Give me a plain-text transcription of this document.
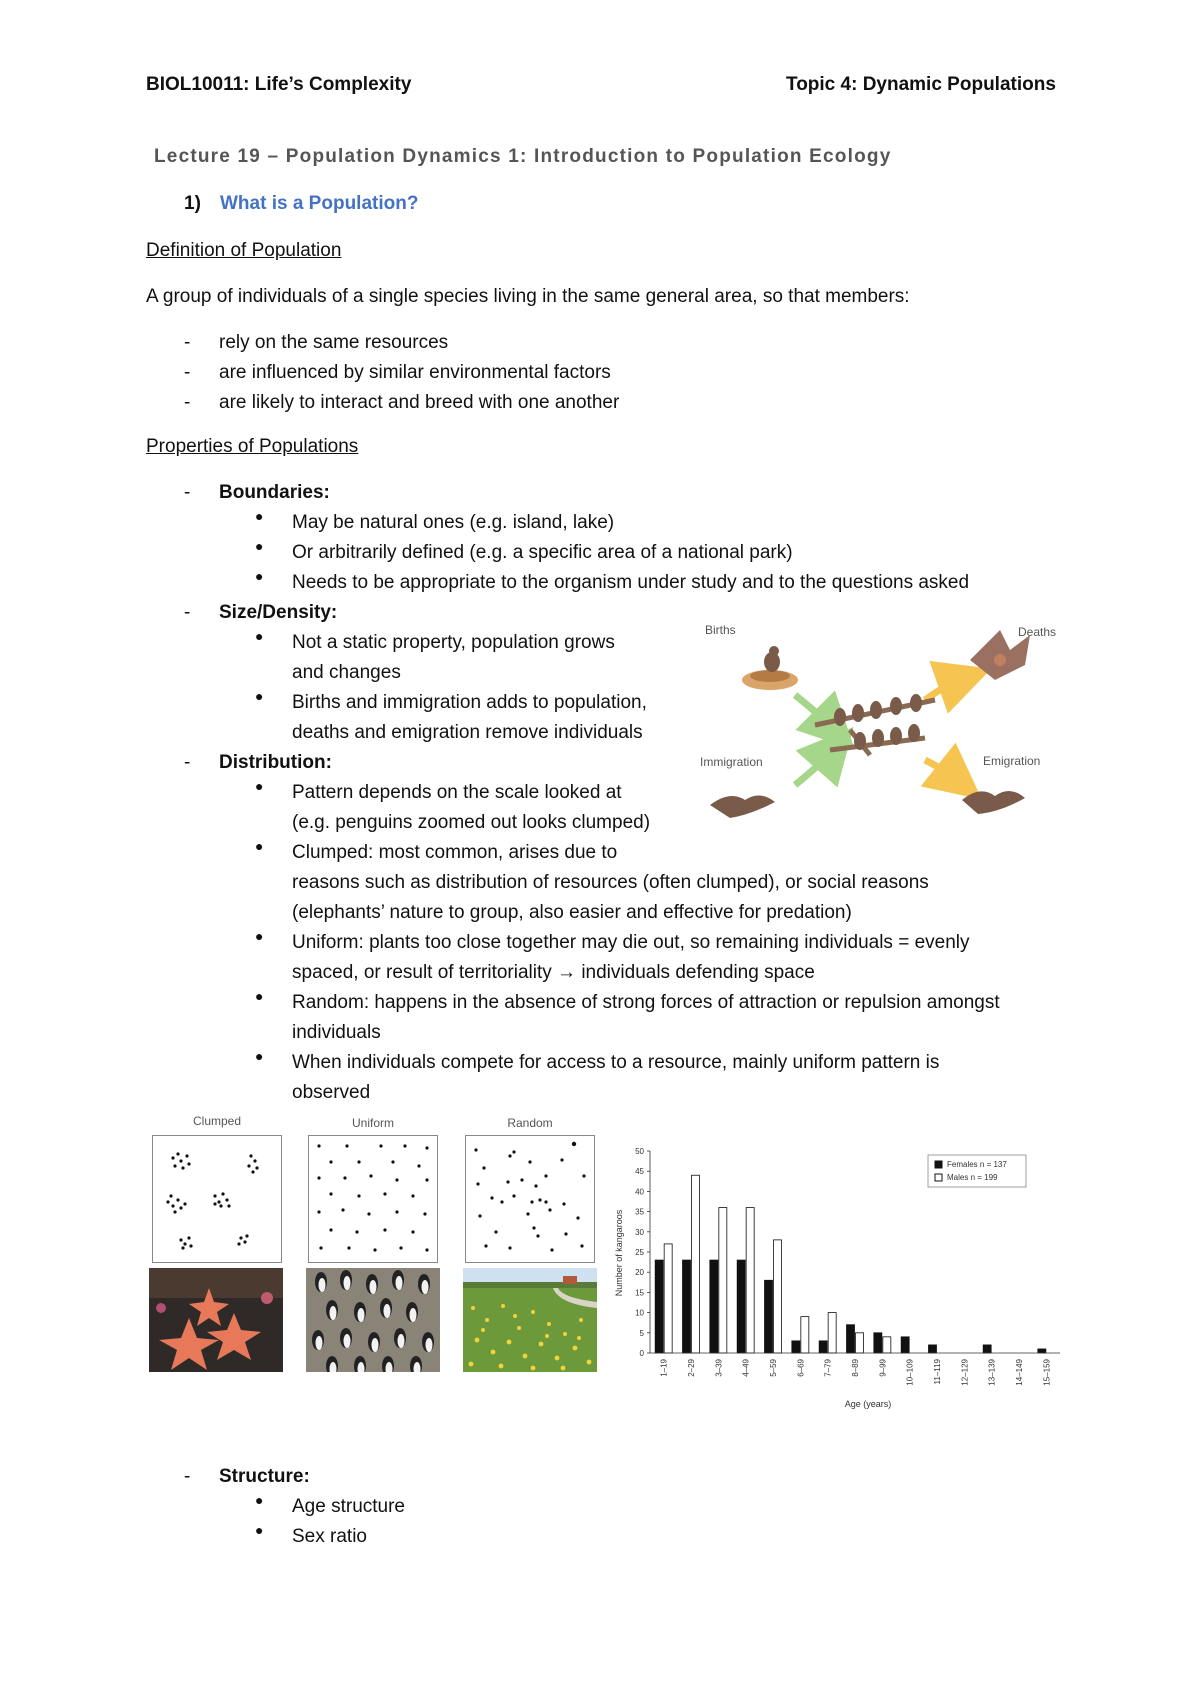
BIOL10011: Life’s Complexity	Topic 4: Dynamic Populations
Lecture 19 – Population Dynamics 1: Introduction to Population Ecology
1) What is a Population?
Definition of Population
A group of individuals of a single species living in the same general area, so that members:
- rely on the same resources
- are influenced by similar environmental factors
- are likely to interact and breed with one another
Properties of Populations
- Boundaries:
● May be natural ones (e.g. island, lake)
● Or arbitrarily defined (e.g. a specific area of a national park)
● Needs to be appropriate to the organism under study and to the questions asked
- Size/Density:
● Not a static property, population grows
and changes
● Births and immigration adds to population,
deaths and emigration remove individuals
- Distribution:
● Pattern depends on the scale looked at
(e.g. penguins zoomed out looks clumped)
● Clumped: most common, arises due to
reasons such as distribution of resources (often clumped), or social reasons
(elephants’ nature to group, also easier and effective for predation)
● Uniform: plants too close together may die out, so remaining individuals = evenly
spaced, or result of territoriality → individuals defending space
● Random: happens in the absence of strong forces of attraction or repulsion amongst
individuals
● When individuals compete for access to a resource, mainly uniform pattern is
observed
Births	Deaths
Immigration	Emigration
Clumped	Uniform	Random
0
5
10
15
20
25
30
35
40
45
50
1–19 2–29 3–39 4–49 5–59 6–69 7–79 8–89 9–99 10–109 11–119 12–129 13–139 14–149 15–159
Number of kangaroos
Age (years)
Females n = 137
Males n = 199
- Structure:
● Age structure
● Sex ratio
